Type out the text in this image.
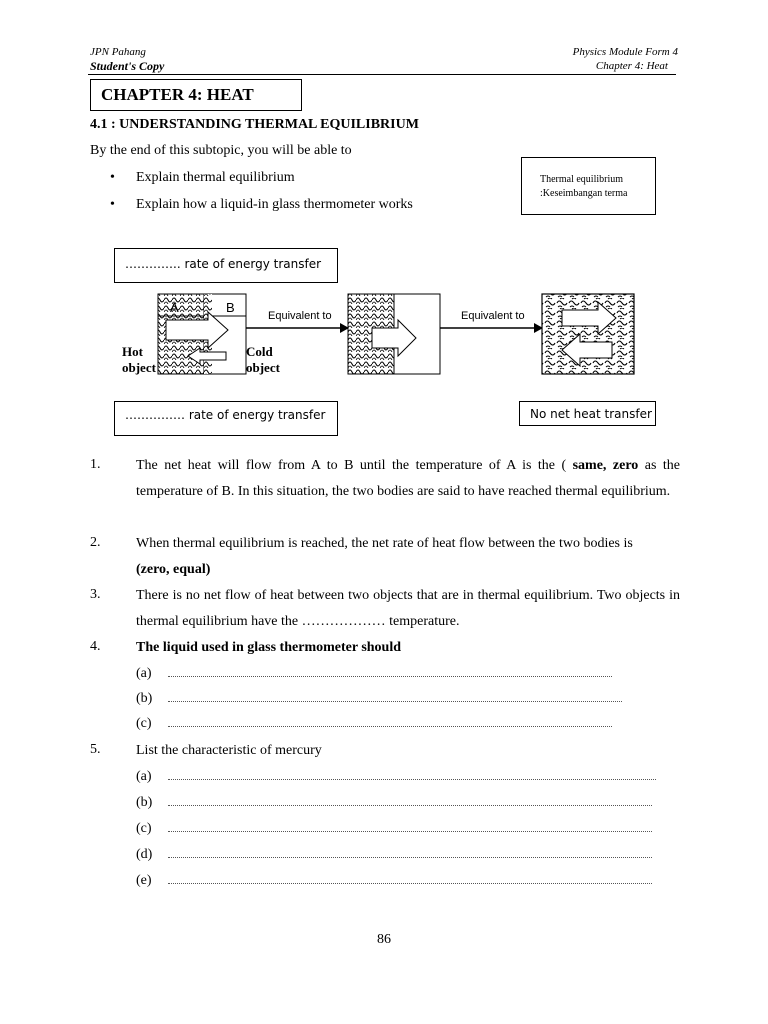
JPN Pahang
Student's Copy
Physics Module Form 4
Chapter 4: Heat
CHAPTER 4: HEAT
4.1 : UNDERSTANDING THERMAL EQUILIBRIUM
By the end of this subtopic, you will be able to
• Explain thermal equilibrium
• Explain how a liquid-in glass thermometer works
Thermal equilibrium
:Keseimbangan terma
………….. rate of energy transfer
A	B
Equivalent to	Equivalent to
Hot
object
Cold
object
…………… rate of energy transfer	No net heat transfer
1.	The net heat will flow from A to B until the temperature of A is the ( same, zero as the temperature of B. In this situation, the two bodies are said to have reached thermal equilibrium.
2.	When thermal equilibrium is reached, the net rate of heat flow between the two bodies is
(zero, equal)
3.	There is no net flow of heat between two objects that are in thermal equilibrium. Two objects in thermal equilibrium have the ……………… temperature.
4.	The liquid used in glass thermometer should
(a)
(b)
(c)
5.	List the characteristic of mercury
(a)
(b)
(c)
(d)
(e)
86
